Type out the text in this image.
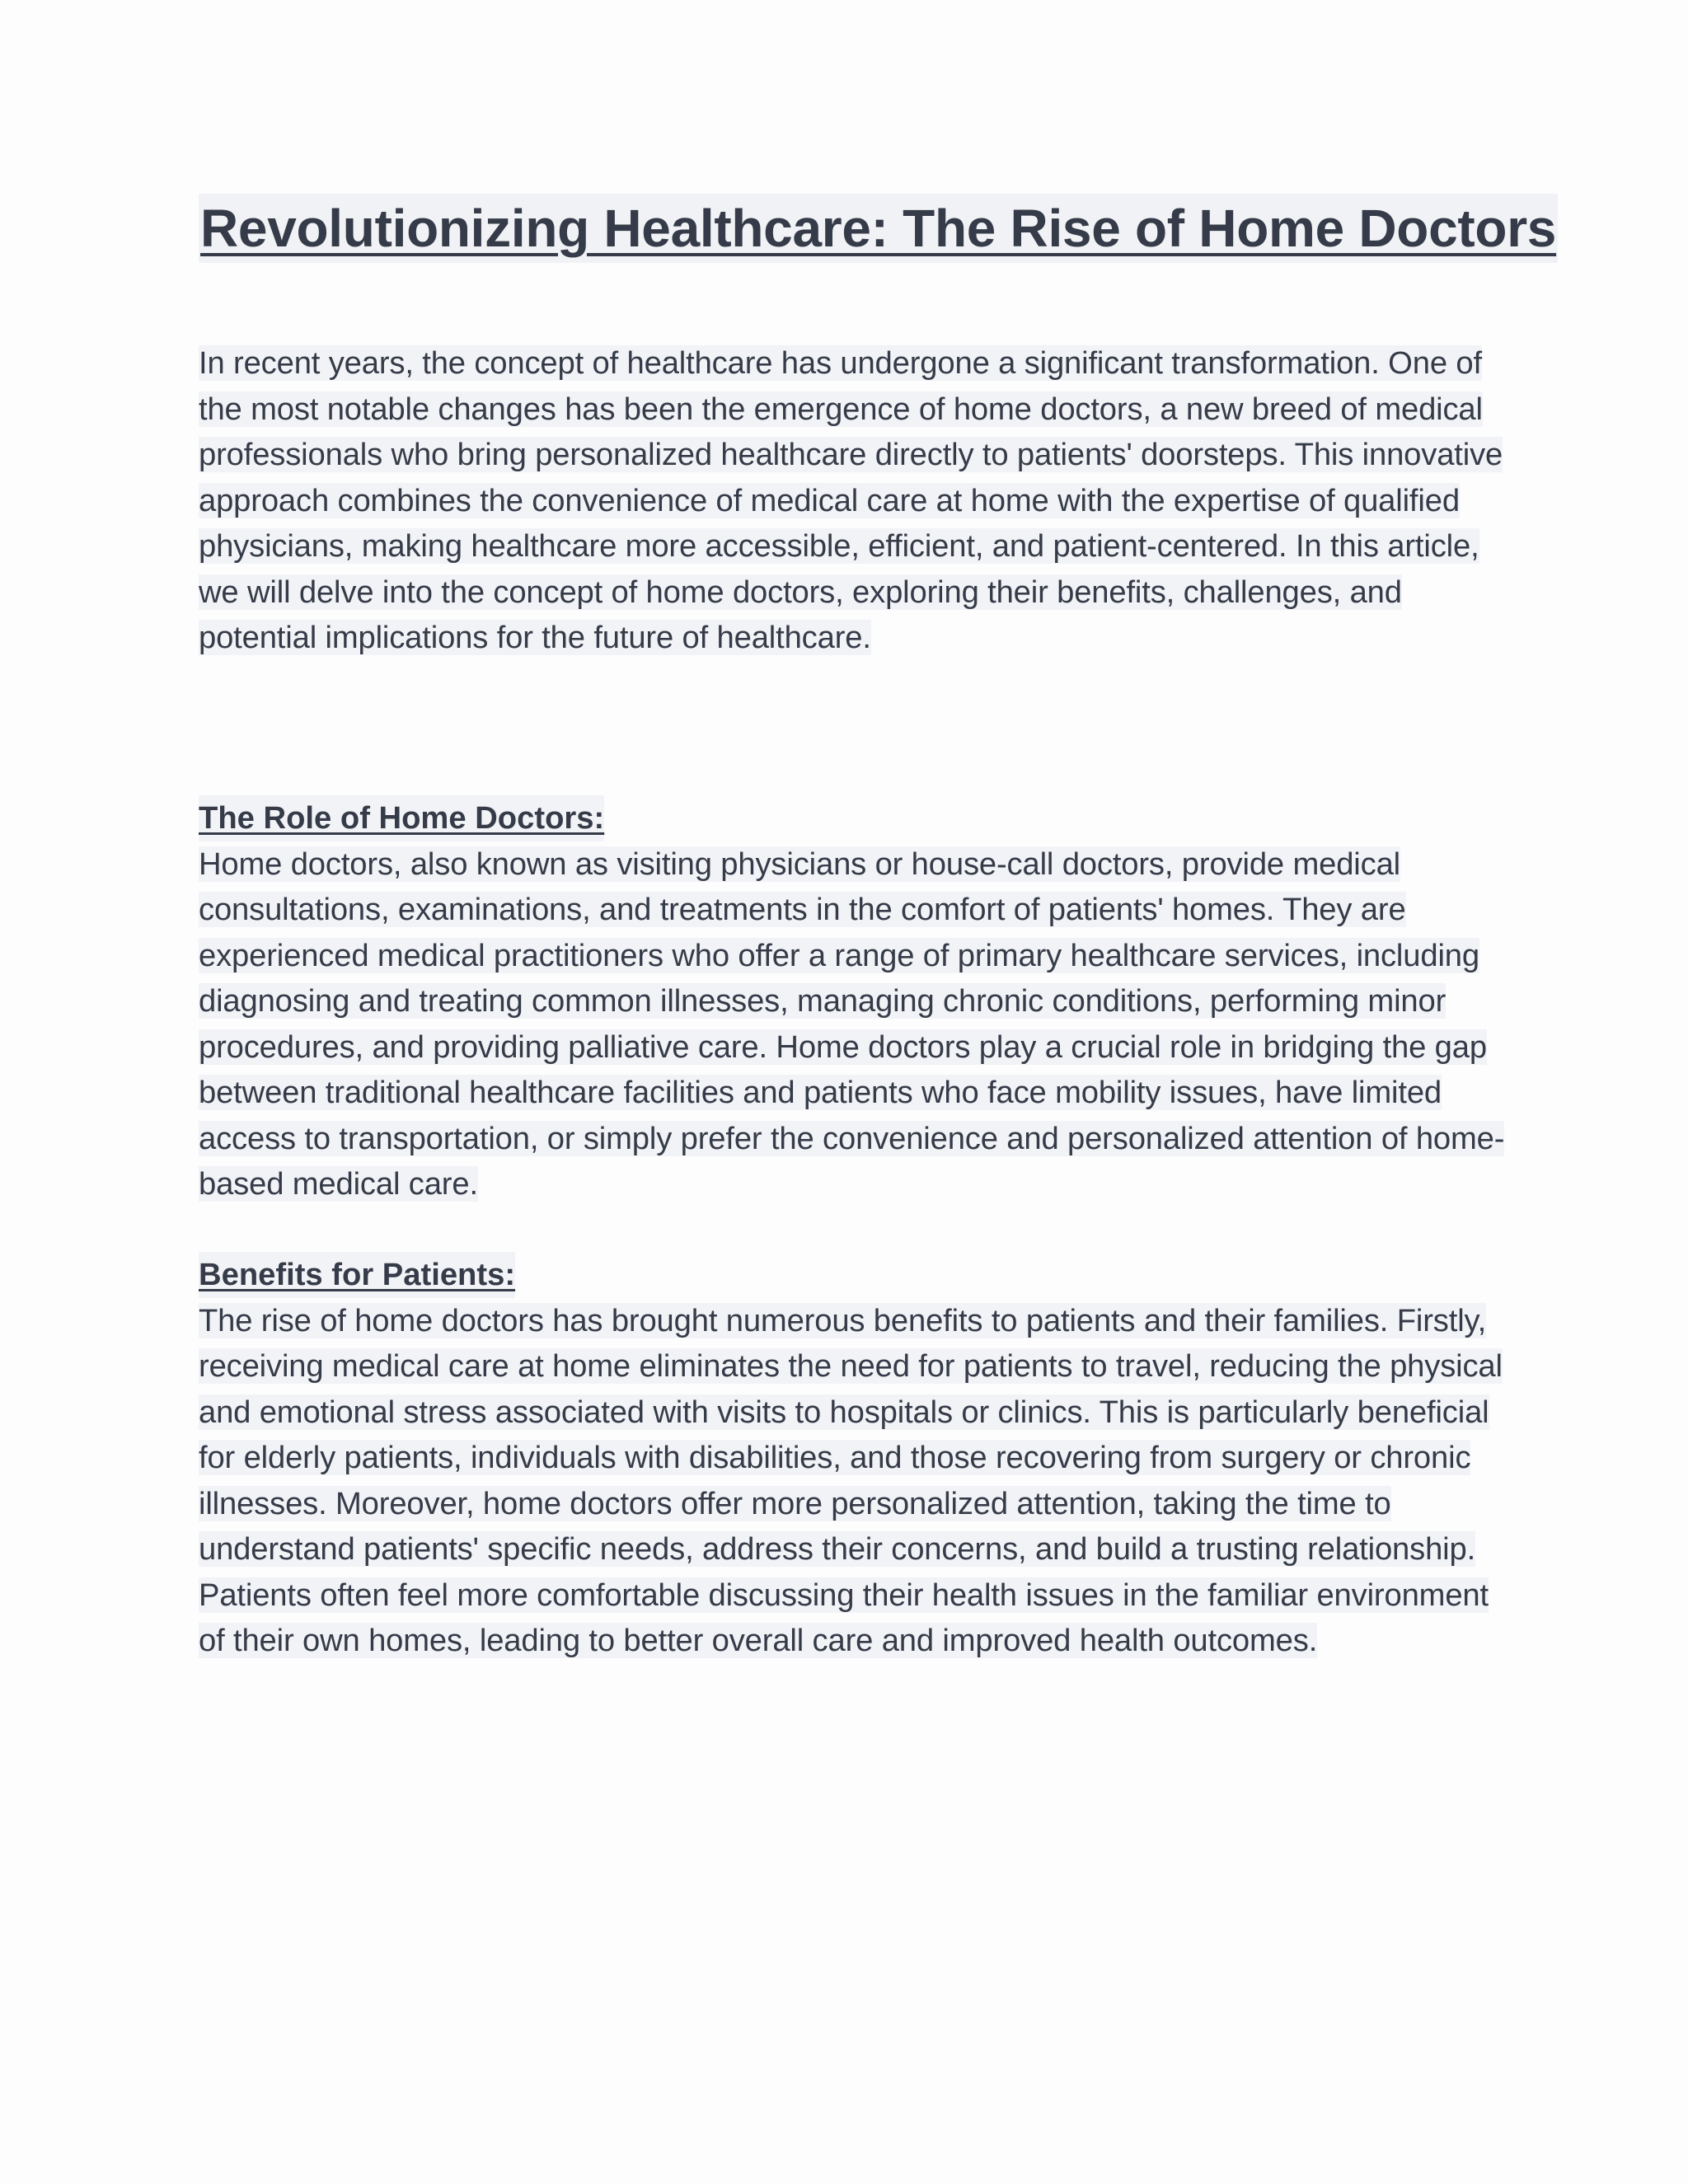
Revolutionizing Healthcare: The Rise of Home Doctors

In recent years, the concept of healthcare has undergone a significant transformation. One of the most notable changes has been the emergence of home doctors, a new breed of medical professionals who bring personalized healthcare directly to patients' doorsteps. This innovative approach combines the convenience of medical care at home with the expertise of qualified physicians, making healthcare more accessible, efficient, and patient-centered. In this article, we will delve into the concept of home doctors, exploring their benefits, challenges, and potential implications for the future of healthcare.

The Role of Home Doctors:

Home doctors, also known as visiting physicians or house-call doctors, provide medical consultations, examinations, and treatments in the comfort of patients' homes. They are experienced medical practitioners who offer a range of primary healthcare services, including diagnosing and treating common illnesses, managing chronic conditions, performing minor procedures, and providing palliative care. Home doctors play a crucial role in bridging the gap between traditional healthcare facilities and patients who face mobility issues, have limited access to transportation, or simply prefer the convenience and personalized attention of home-based medical care.

Benefits for Patients:

The rise of home doctors has brought numerous benefits to patients and their families. Firstly, receiving medical care at home eliminates the need for patients to travel, reducing the physical and emotional stress associated with visits to hospitals or clinics. This is particularly beneficial for elderly patients, individuals with disabilities, and those recovering from surgery or chronic illnesses. Moreover, home doctors offer more personalized attention, taking the time to understand patients' specific needs, address their concerns, and build a trusting relationship. Patients often feel more comfortable discussing their health issues in the familiar environment of their own homes, leading to better overall care and improved health outcomes.
